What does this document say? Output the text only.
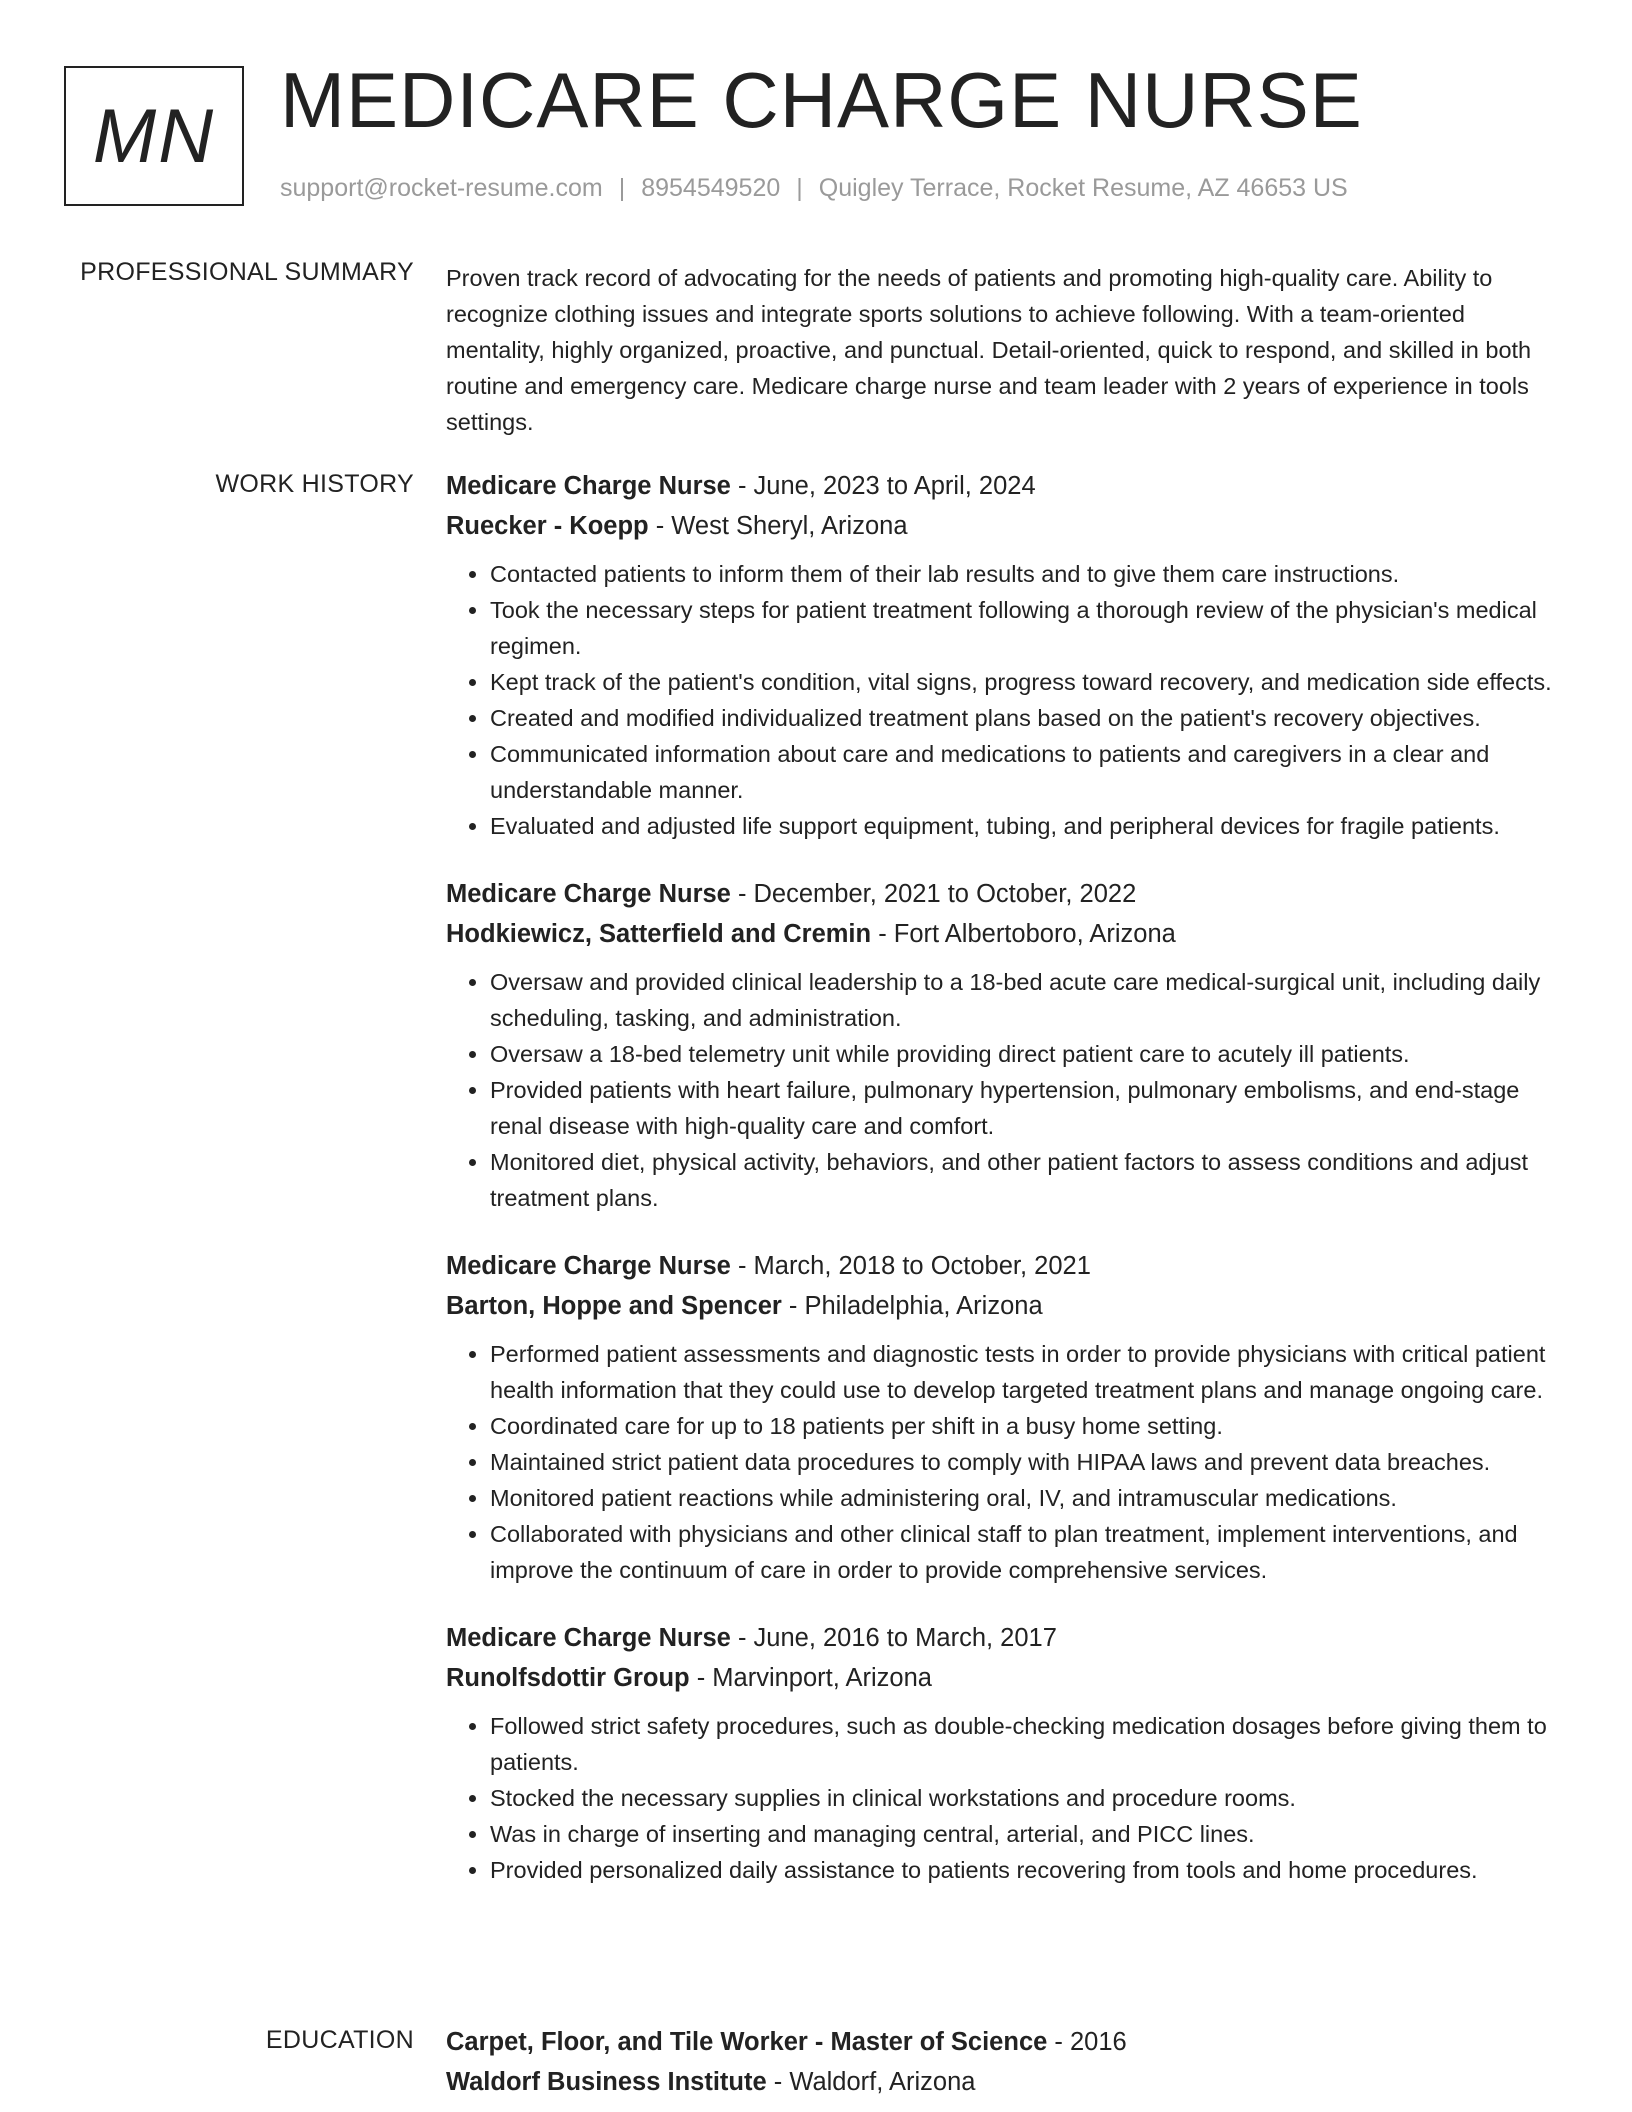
MN MEDICARE CHARGE NURSE
support@rocket-resume.com | 8954549520 | Quigley Terrace, Rocket Resume, AZ 46653 US
PROFESSIONAL SUMMARY Proven track record of advocating for the needs of patients and promoting high-quality care. Ability to recognize clothing issues and integrate sports solutions to achieve following. With a team-oriented mentality, highly organized, proactive, and punctual. Detail-oriented, quick to respond, and skilled in both routine and emergency care. Medicare charge nurse and team leader with 2 years of experience in tools settings.

WORK HISTORY Medicare Charge Nurse - June, 2023 to April, 2024
Ruecker - Koepp - West Sheryl, Arizona
• Contacted patients to inform them of their lab results and to give them care instructions.
• Took the necessary steps for patient treatment following a thorough review of the physician's medical regimen.
• Kept track of the patient's condition, vital signs, progress toward recovery, and medication side effects.
• Created and modified individualized treatment plans based on the patient's recovery objectives.
• Communicated information about care and medications to patients and caregivers in a clear and understandable manner.
• Evaluated and adjusted life support equipment, tubing, and peripheral devices for fragile patients.
Medicare Charge Nurse - December, 2021 to October, 2022
Hodkiewicz, Satterfield and Cremin - Fort Albertoboro, Arizona
• Oversaw and provided clinical leadership to a 18-bed acute care medical-surgical unit, including daily scheduling, tasking, and administration.
• Oversaw a 18-bed telemetry unit while providing direct patient care to acutely ill patients.
• Provided patients with heart failure, pulmonary hypertension, pulmonary embolisms, and end-stage renal disease with high-quality care and comfort.
• Monitored diet, physical activity, behaviors, and other patient factors to assess conditions and adjust treatment plans.
Medicare Charge Nurse - March, 2018 to October, 2021
Barton, Hoppe and Spencer - Philadelphia, Arizona
• Performed patient assessments and diagnostic tests in order to provide physicians with critical patient health information that they could use to develop targeted treatment plans and manage ongoing care.
• Coordinated care for up to 18 patients per shift in a busy home setting.
• Maintained strict patient data procedures to comply with HIPAA laws and prevent data breaches.
• Monitored patient reactions while administering oral, IV, and intramuscular medications.
• Collaborated with physicians and other clinical staff to plan treatment, implement interventions, and improve the continuum of care in order to provide comprehensive services.
Medicare Charge Nurse - June, 2016 to March, 2017
Runolfsdottir Group - Marvinport, Arizona
• Followed strict safety procedures, such as double-checking medication dosages before giving them to patients.
• Stocked the necessary supplies in clinical workstations and procedure rooms.
• Was in charge of inserting and managing central, arterial, and PICC lines.
• Provided personalized daily assistance to patients recovering from tools and home procedures.
EDUCATION Carpet, Floor, and Tile Worker - Master of Science - 2016
Waldorf Business Institute - Waldorf, Arizona
